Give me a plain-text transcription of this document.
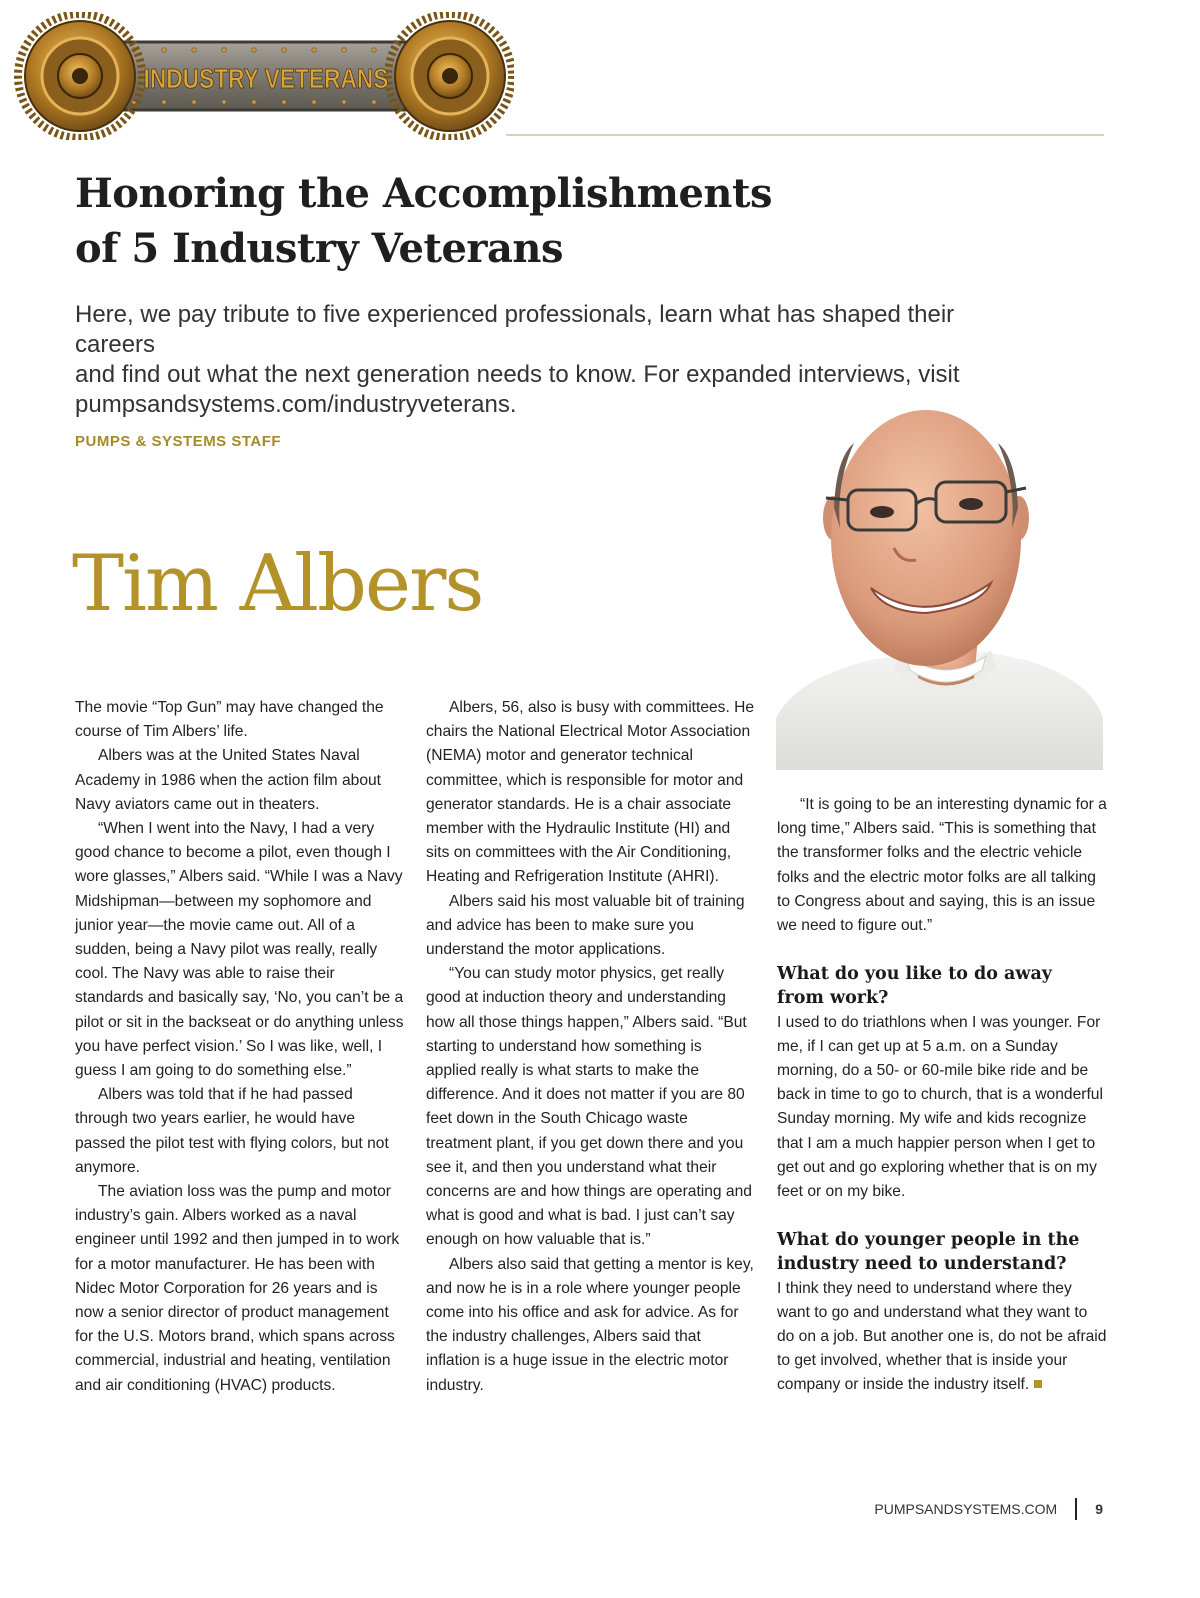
INDUSTRY VETERANS
Honoring the Accomplishments
of 5 Industry Veterans

Here, we pay tribute to five experienced professionals, learn what has shaped their careers
and find out what the next generation needs to know. For expanded interviews, visit
pumpsandsystems.com/industryveterans.

PUMPS & SYSTEMS STAFF
Tim Albers

The movie “Top Gun” may have changed the course of Tim Albers’ life.

Albers was at the United States Naval Academy in 1986 when the action film about Navy aviators came out in theaters.

“When I went into the Navy, I had a very good chance to become a pilot, even though I wore glasses,” Albers said. “While I was a Navy Midshipman—between my sophomore and junior year—the movie came out. All of a sudden, being a Navy pilot was really, really cool. The Navy was able to raise their standards and basically say, ‘No, you can’t be a pilot or sit in the backseat or do anything unless you have perfect vision.’ So I was like, well, I guess I am going to do something else.”

Albers was told that if he had passed through two years earlier, he would have passed the pilot test with flying colors, but not anymore.

The aviation loss was the pump and motor industry’s gain. Albers worked as a naval engineer until 1992 and then jumped in to work for a motor manufacturer. He has been with Nidec Motor Corporation for 26 years and is now a senior director of product management for the U.S. Motors brand, which spans across commercial, industrial and heating, ventilation and air conditioning (HVAC) products.

Albers, 56, also is busy with committees. He chairs the National Electrical Motor Association (NEMA) motor and generator technical committee, which is responsible for motor and generator standards. He is a chair associate member with the Hydraulic Institute (HI) and sits on committees with the Air Conditioning, Heating and Refrigeration Institute (AHRI).

Albers said his most valuable bit of training and advice has been to make sure you understand the motor applications.

“You can study motor physics, get really good at induction theory and understanding how all those things happen,” Albers said. “But starting to understand how something is applied really is what starts to make the difference. And it does not matter if you are 80 feet down in the South Chicago waste treatment plant, if you get down there and you see it, and then you understand what their concerns are and how things are operating and what is good and what is bad. I just can’t say enough on how valuable that is.”

Albers also said that getting a mentor is key, and now he is in a role where younger people come into his office and ask for advice. As for the industry challenges, Albers said that inflation is a huge issue in the electric motor industry.

“It is going to be an interesting dynamic for a long time,” Albers said. “This is something that the transformer folks and the electric vehicle folks and the electric motor folks are all talking to Congress about and saying, this is an issue we need to figure out.”

What do you like to do away
from work?

I used to do triathlons when I was younger. For me, if I can get up at 5 a.m. on a Sunday morning, do a 50- or 60-mile bike ride and be back in time to go to church, that is a wonderful Sunday morning. My wife and kids recognize that I am a much happier person when I get to get out and go exploring whether that is on my feet or on my bike.

What do younger people in the
industry need to understand?

I think they need to understand where they want to go and understand what they want to do on a job. But another one is, do not be afraid to get involved, whether that is inside your company or inside the industry itself.

PUMPSANDSYSTEMS.COM	9
